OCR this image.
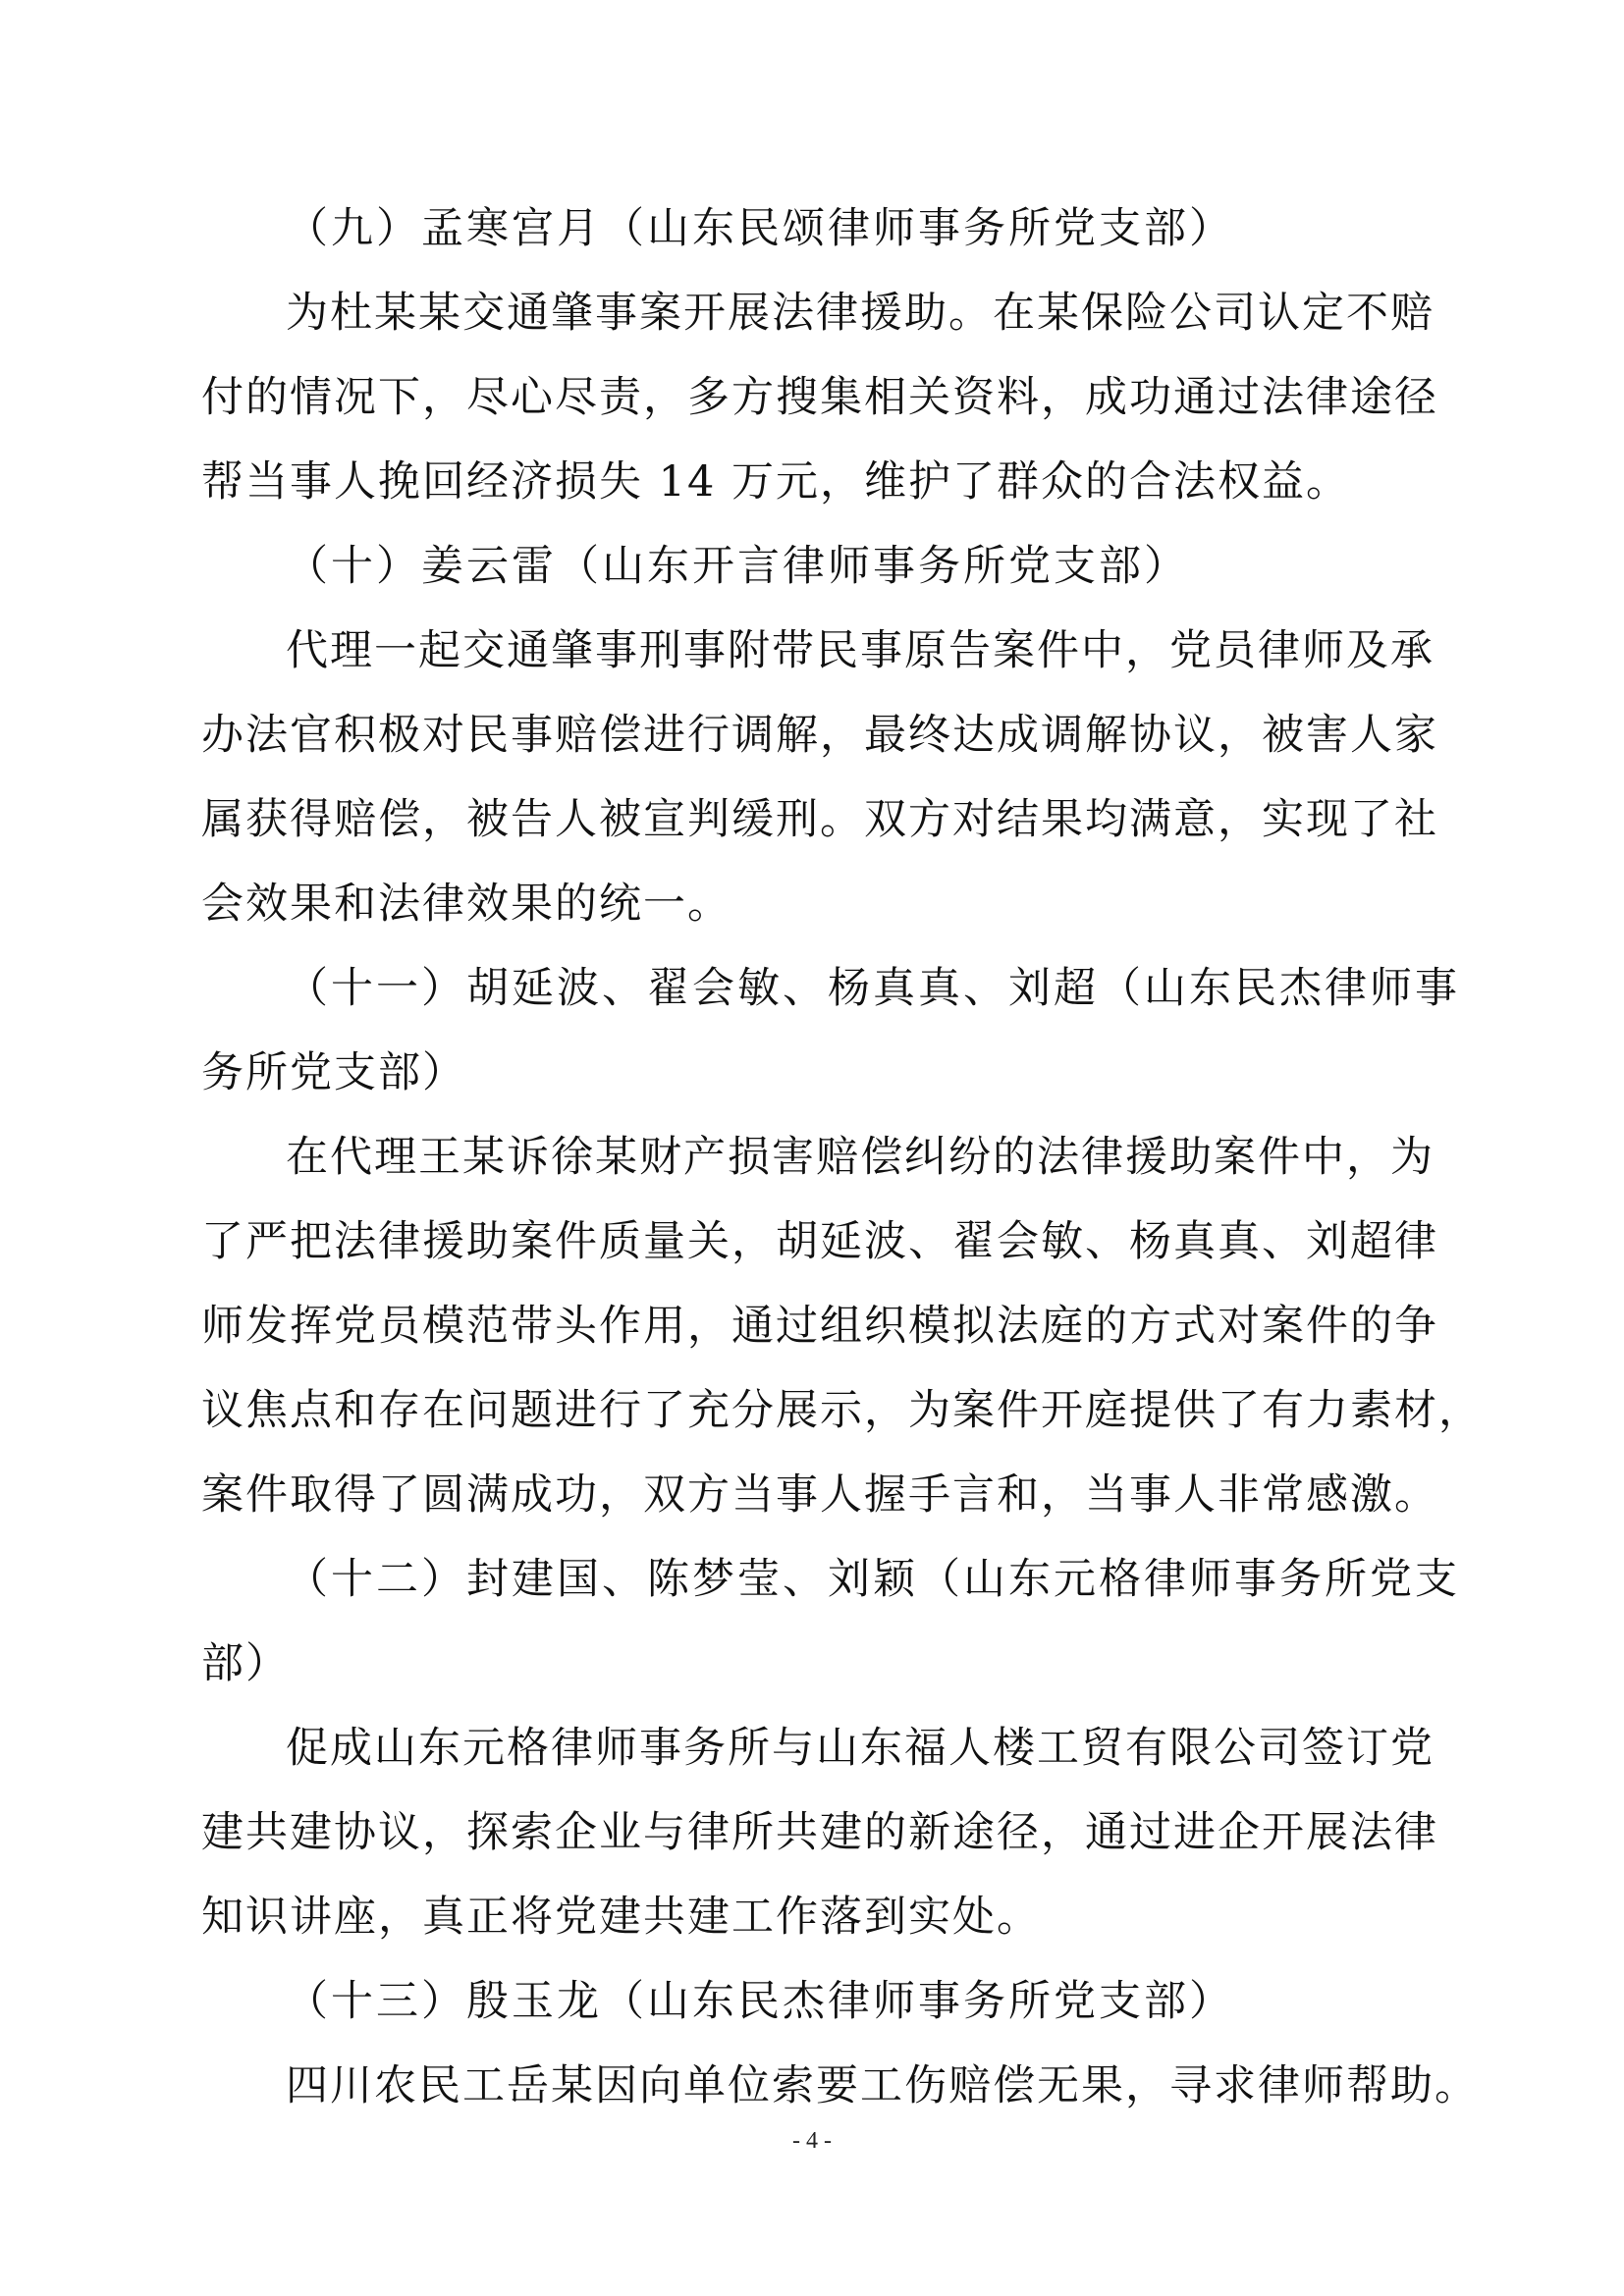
（九）孟寒宫月（山东民颂律师事务所党支部）
为杜某某交通肇事案开展法律援助。在某保险公司认定不赔
付的情况下，尽心尽责，多方搜集相关资料，成功通过法律途径
帮当事人挽回经济损失 14 万元，维护了群众的合法权益。
（十）姜云雷（山东开言律师事务所党支部）
代理一起交通肇事刑事附带民事原告案件中，党员律师及承
办法官积极对民事赔偿进行调解，最终达成调解协议，被害人家
属获得赔偿，被告人被宣判缓刑。双方对结果均满意，实现了社
会效果和法律效果的统一。
（十一）胡延波、翟会敏、杨真真、刘超（山东民杰律师事
务所党支部）
在代理王某诉徐某财产损害赔偿纠纷的法律援助案件中，为
了严把法律援助案件质量关，胡延波、翟会敏、杨真真、刘超律
师发挥党员模范带头作用，通过组织模拟法庭的方式对案件的争
议焦点和存在问题进行了充分展示，为案件开庭提供了有力素材，
案件取得了圆满成功，双方当事人握手言和，当事人非常感激。
（十二）封建国、陈梦莹、刘颖（山东元格律师事务所党支
部）
促成山东元格律师事务所与山东福人楼工贸有限公司签订党
建共建协议，探索企业与律所共建的新途径，通过进企开展法律
知识讲座，真正将党建共建工作落到实处。
（十三）殷玉龙（山东民杰律师事务所党支部）
四川农民工岳某因向单位索要工伤赔偿无果，寻求律师帮助。
- 4 -
